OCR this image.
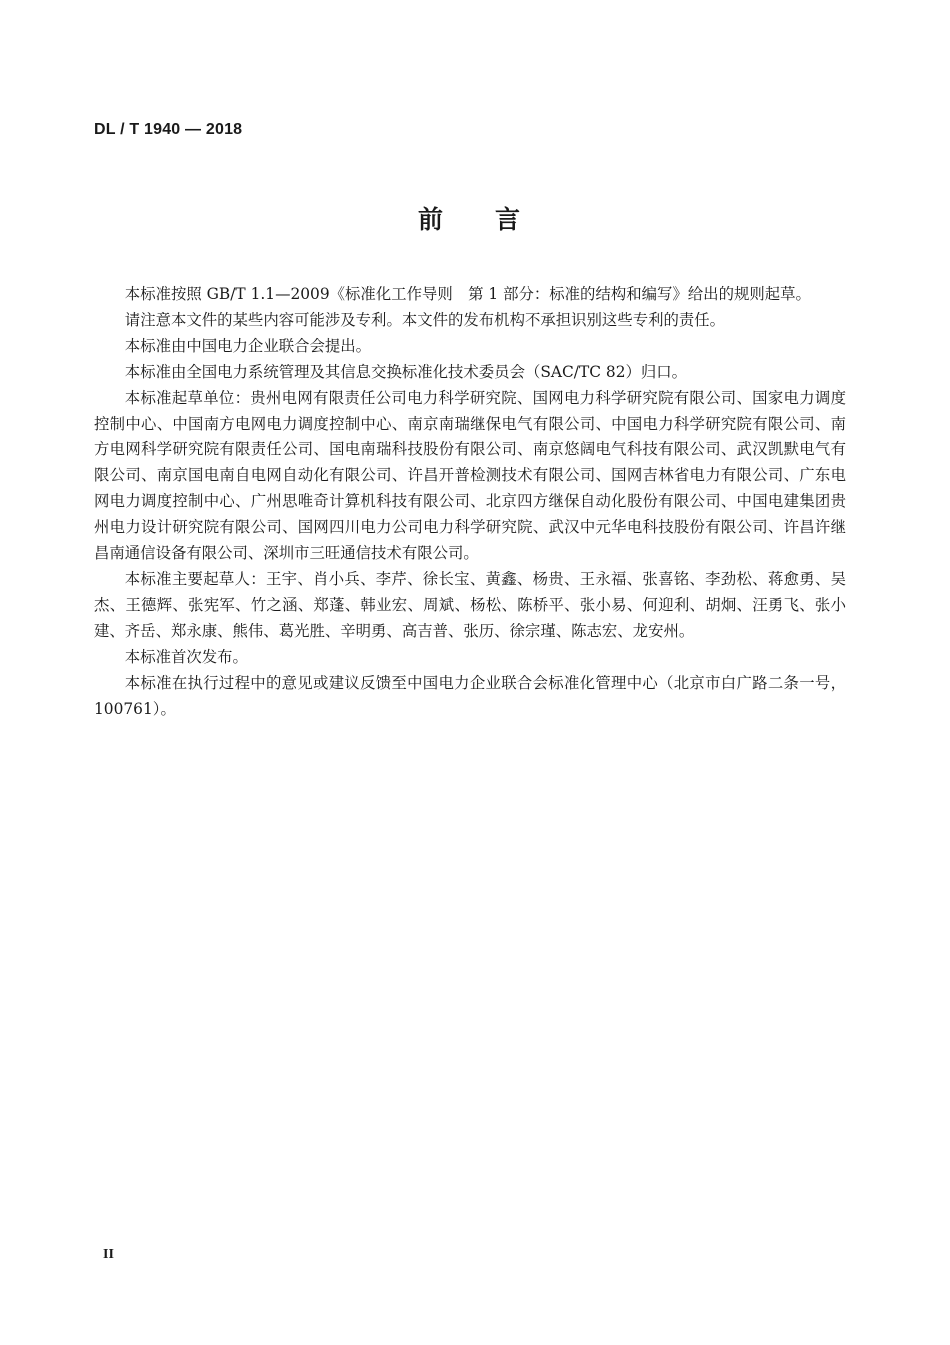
DL / T 1940 — 2018
前言

本标准按照 GB/T 1.1—2009《标准化工作导则　第 1 部分：标准的结构和编写》给出的规则起草。

请注意本文件的某些内容可能涉及专利。本文件的发布机构不承担识别这些专利的责任。

本标准由中国电力企业联合会提出。

本标准由全国电力系统管理及其信息交换标准化技术委员会（SAC/TC 82）归口。

本标准起草单位：贵州电网有限责任公司电力科学研究院、国网电力科学研究院有限公司、国家电力调度控制中心、中国南方电网电力调度控制中心、南京南瑞继保电气有限公司、中国电力科学研究院有限公司、南方电网科学研究院有限责任公司、国电南瑞科技股份有限公司、南京悠阔电气科技有限公司、武汉凯默电气有限公司、南京国电南自电网自动化有限公司、许昌开普检测技术有限公司、国网吉林省电力有限公司、广东电网电力调度控制中心、广州思唯奇计算机科技有限公司、北京四方继保自动化股份有限公司、中国电建集团贵州电力设计研究院有限公司、国网四川电力公司电力科学研究院、武汉中元华电科技股份有限公司、许昌许继昌南通信设备有限公司、深圳市三旺通信技术有限公司。

本标准主要起草人：王宇、肖小兵、李芹、徐长宝、黄鑫、杨贵、王永福、张喜铭、李劲松、蒋愈勇、吴杰、王德辉、张宪军、竹之涵、郑蓬、韩业宏、周斌、杨松、陈桥平、张小易、何迎利、胡炯、汪勇飞、张小建、齐岳、郑永康、熊伟、葛光胜、辛明勇、高吉普、张历、徐宗瑾、陈志宏、龙安州。

本标准首次发布。

本标准在执行过程中的意见或建议反馈至中国电力企业联合会标准化管理中心（北京市白广路二条一号，100761）。

II
